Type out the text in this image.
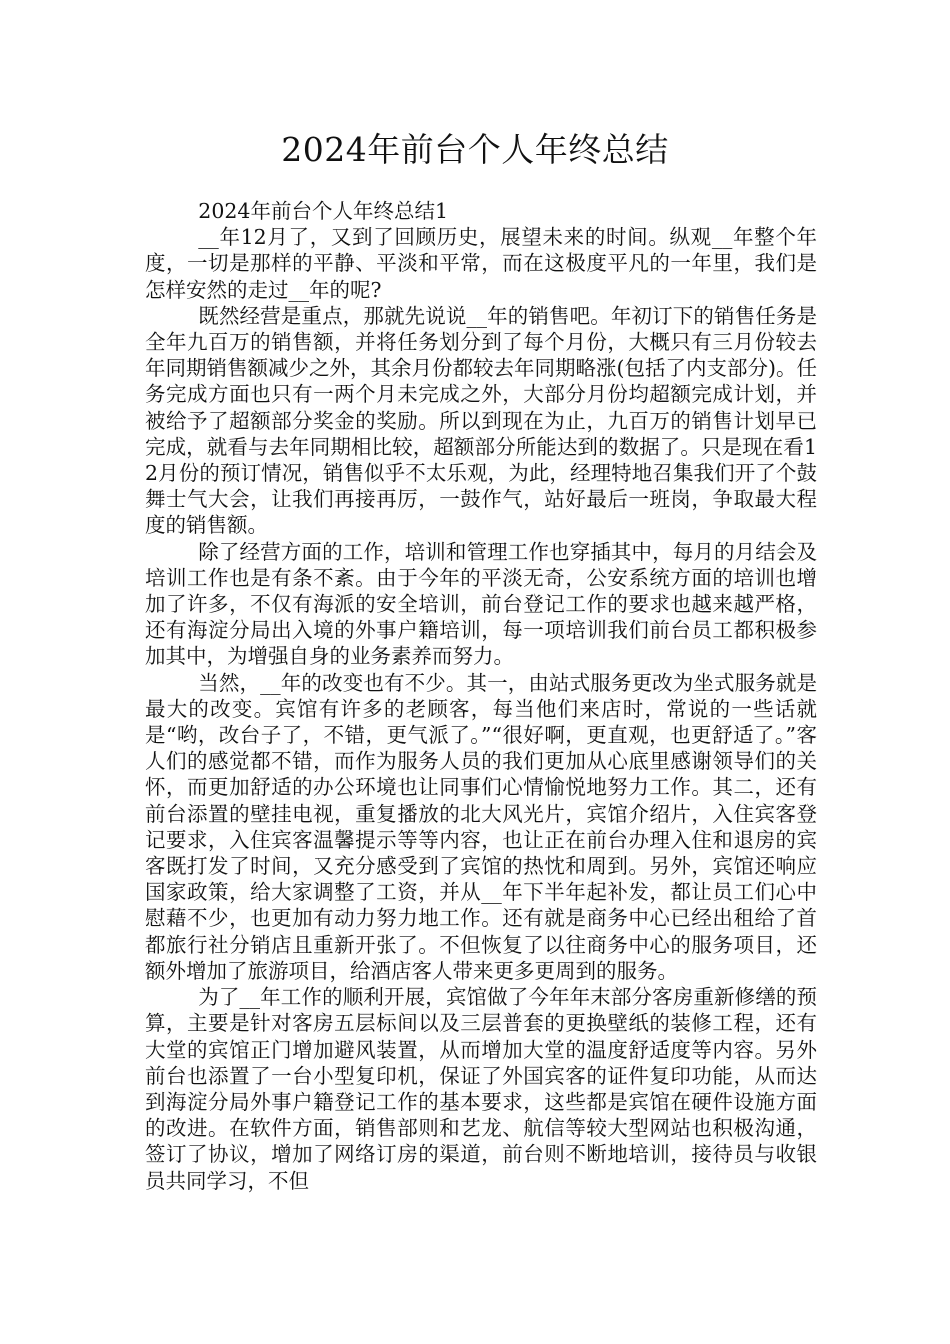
2024年前台个人年终总结

2024年前台个人年终总结1

__年12月了，又到了回顾历史，展望未来的时间。纵观__年整个年度，一切是那样的平静、平淡和平常，而在这极度平凡的一年里，我们是怎样安然的走过__年的呢?

既然经营是重点，那就先说说__年的销售吧。年初订下的销售任务是全年九百万的销售额，并将任务划分到了每个月份，大概只有三月份较去年同期销售额减少之外，其余月份都较去年同期略涨(包括了内支部分)。任务完成方面也只有一两个月未完成之外，大部分月份均超额完成计划，并被给予了超额部分奖金的奖励。所以到现在为止，九百万的销售计划早已完成，就看与去年同期相比较，超额部分所能达到的数据了。只是现在看12月份的预订情况，销售似乎不太乐观，为此，经理特地召集我们开了个鼓舞士气大会，让我们再接再厉，一鼓作气，站好最后一班岗，争取最大程度的销售额。

除了经营方面的工作，培训和管理工作也穿插其中，每月的月结会及培训工作也是有条不紊。由于今年的平淡无奇，公安系统方面的培训也增加了许多，不仅有海派的安全培训，前台登记工作的要求也越来越严格，还有海淀分局出入境的外事户籍培训，每一项培训我们前台员工都积极参加其中，为增强自身的业务素养而努力。

当然，__年的改变也有不少。其一，由站式服务更改为坐式服务就是最大的改变。宾馆有许多的老顾客，每当他们来店时，常说的一些话就是“哟，改台子了，不错，更气派了。”“很好啊，更直观，也更舒适了。”客人们的感觉都不错，而作为服务人员的我们更加从心底里感谢领导们的关怀，而更加舒适的办公环境也让同事们心情愉悦地努力工作。其二，还有前台添置的壁挂电视，重复播放的北大风光片，宾馆介绍片，入住宾客登记要求，入住宾客温馨提示等等内容，也让正在前台办理入住和退房的宾客既打发了时间，又充分感受到了宾馆的热忱和周到。另外，宾馆还响应国家政策，给大家调整了工资，并从__年下半年起补发，都让员工们心中慰藉不少，也更加有动力努力地工作。还有就是商务中心已经出租给了首都旅行社分销店且重新开张了。不但恢复了以往商务中心的服务项目，还额外增加了旅游项目，给酒店客人带来更多更周到的服务。

为了__年工作的顺利开展，宾馆做了今年年末部分客房重新修缮的预算，主要是针对客房五层标间以及三层普套的更换壁纸的装修工程，还有大堂的宾馆正门增加避风装置，从而增加大堂的温度舒适度等内容。另外前台也添置了一台小型复印机，保证了外国宾客的证件复印功能，从而达到海淀分局外事户籍登记工作的基本要求，这些都是宾馆在硬件设施方面的改进。在软件方面，销售部则和艺龙、航信等较大型网站也积极沟通，签订了协议，增加了网络订房的渠道，前台则不断地培训，接待员与收银员共同学习，不但
